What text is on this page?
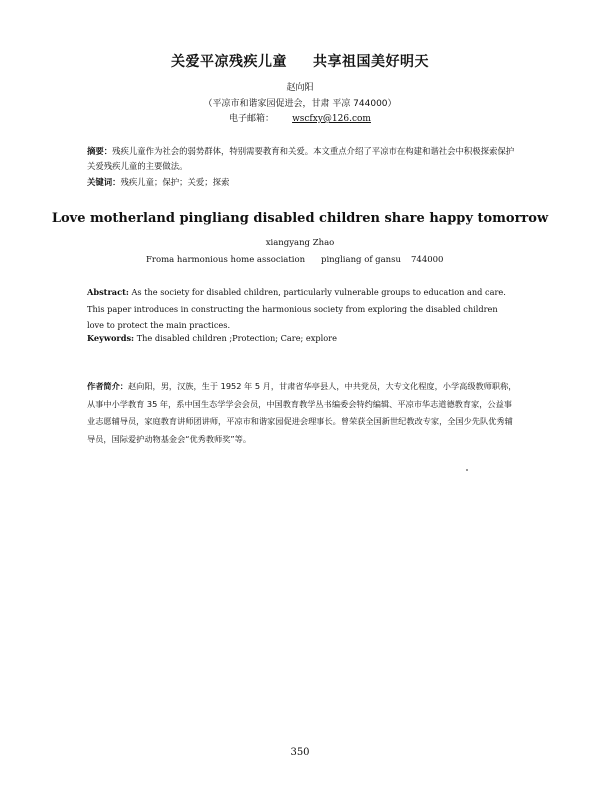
关爱平凉残疾儿童 共享祖国美好明天
赵向阳
（平凉市和谐家园促进会，甘肃 平凉 744000）
电子邮箱： wscfxy@126.com
摘要：残疾儿童作为社会的弱势群体，特别需要教育和关爱。本文重点介绍了平凉市在构建和谐社会中积极探索保护关爱残疾儿童的主要做法。
关键词：残疾儿童；保护；关爱；探索
Love motherland pingliang disabled children share happy tomorrow
xiangyang Zhao
Froma harmonious home association pingliang of gansu 744000
Abstract: As the society for disabled children, particularly vulnerable groups to education and care. This paper introduces in constructing the harmonious society from exploring the disabled children love to protect the main practices.
Keywords: The disabled children ;Protection; Care; explore
作者简介：赵向阳，男，汉族，生于 1952 年 5 月，甘肃省华亭县人，中共党员，大专文化程度，小学高级教师职称，从事中小学教育 35 年，系中国生态学学会会员，中国教育教学丛书编委会特约编辑、平凉市华志道德教育家，公益事业志愿辅导员，家庭教育讲师团讲师，平凉市和谐家园促进会理事长。曾荣获全国新世纪教改专家，全国少先队优秀辅导员，国际爱护动物基金会“优秀教师奖”等。
350
